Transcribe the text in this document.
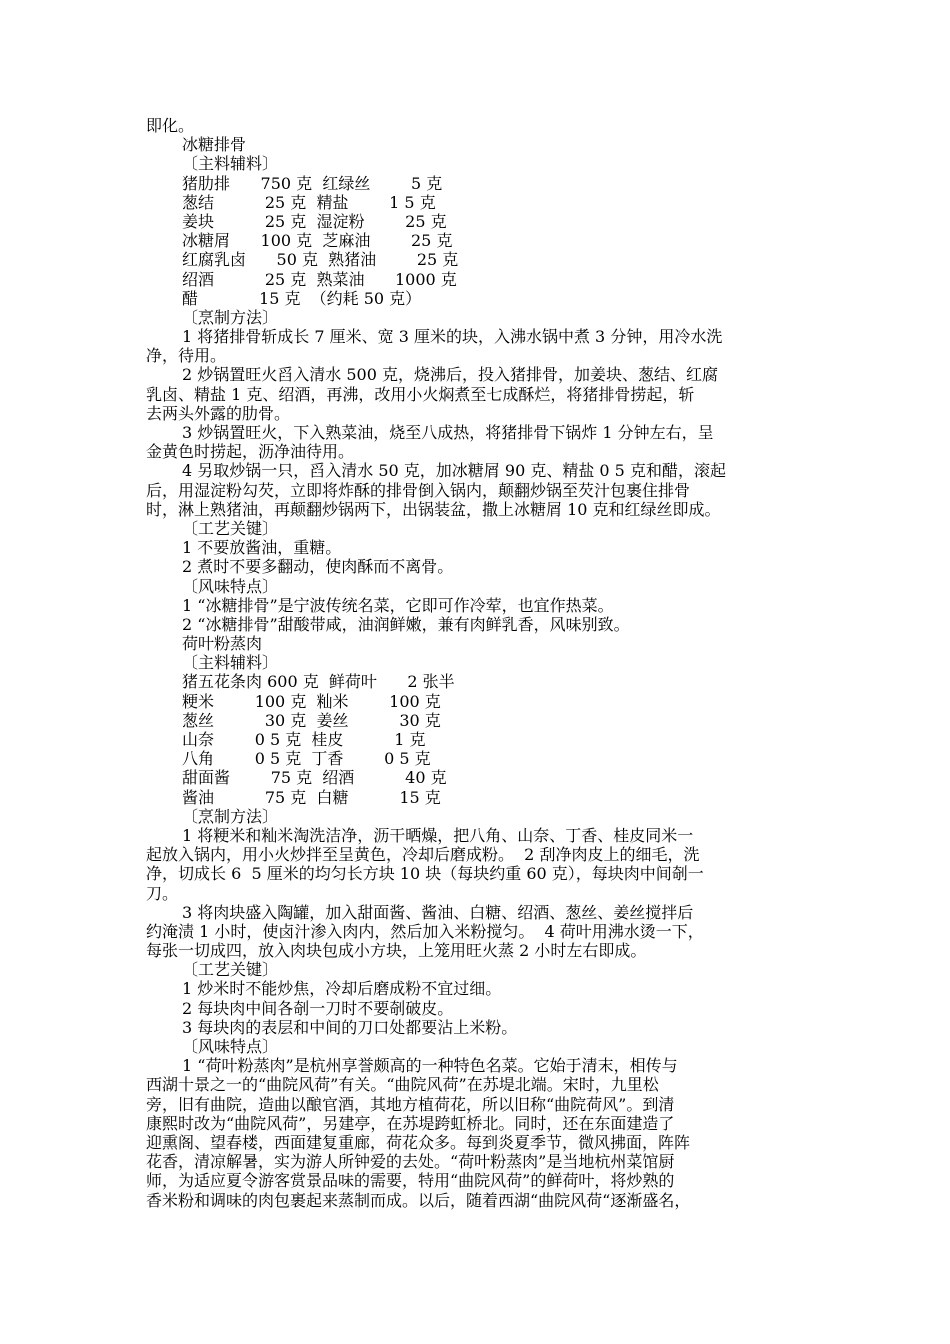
即化。
冰糖排骨
〔主料辅料〕
猪肋排      750 克  红绿丝        5 克
葱结          25 克  精盐        1 5 克
姜块          25 克  湿淀粉        25 克
冰糖屑      100 克  芝麻油        25 克
红腐乳卤      50 克  熟猪油        25 克
绍酒          25 克  熟菜油      1000 克
醋            15 克  （约耗 50 克）
〔烹制方法〕
1 将猪排骨斩成长 7 厘米、宽 3 厘米的块，入沸水锅中煮 3 分钟，用冷水洗
净，待用。
2 炒锅置旺火舀入清水 500 克，烧沸后，投入猪排骨，加姜块、葱结、红腐
乳卤、精盐 1 克、绍酒，再沸，改用小火焖煮至七成酥烂，将猪排骨捞起，斩
去两头外露的肋骨。
3 炒锅置旺火，下入熟菜油，烧至八成热，将猪排骨下锅炸 1 分钟左右，呈
金黄色时捞起，沥净油待用。
4 另取炒锅一只，舀入清水 50 克，加冰糖屑 90 克、精盐 0 5 克和醋，滚起
后，用湿淀粉勾芡，立即将炸酥的排骨倒入锅内，颠翻炒锅至芡汁包裹住排骨
时，淋上熟猪油，再颠翻炒锅两下，出锅装盆，撒上冰糖屑 10 克和红绿丝即成。
〔工艺关键〕
1 不要放酱油，重糖。
2 煮时不要多翻动，使肉酥而不离骨。
〔风味特点〕
1 “冰糖排骨”是宁波传统名菜，它即可作冷荤，也宜作热菜。
2 “冰糖排骨”甜酸带咸，油润鲜嫩，兼有肉鲜乳香，风味别致。
荷叶粉蒸肉
〔主料辅料〕
猪五花条肉 600 克  鲜荷叶      2 张半
粳米        100 克  籼米        100 克
葱丝          30 克  姜丝          30 克
山奈        0 5 克  桂皮          1 克
八角        0 5 克  丁香        0 5 克
甜面酱        75 克  绍酒          40 克
酱油          75 克  白糖          15 克
〔烹制方法〕
1 将粳米和籼米淘洗洁净，沥干晒燥，把八角、山奈、丁香、桂皮同米一
起放入锅内，用小火炒拌至呈黄色，冷却后磨成粉。  2 刮净肉皮上的细毛，洗
净，切成长 6  5 厘米的均匀长方块 10 块（每块约重 60 克），每块肉中间剞一
刀。
3 将肉块盛入陶罐，加入甜面酱、酱油、白糖、绍酒、葱丝、姜丝搅拌后
约淹渍 1 小时，使卤汁渗入肉内，然后加入米粉搅匀。  4 荷叶用沸水烫一下，
每张一切成四，放入肉块包成小方块，上笼用旺火蒸 2 小时左右即成。
〔工艺关键〕
1 炒米时不能炒焦，冷却后磨成粉不宜过细。
2 每块肉中间各剞一刀时不要剞破皮。
3 每块肉的表层和中间的刀口处都要沾上米粉。
〔风味特点〕
1 “荷叶粉蒸肉”是杭州享誉颇高的一种特色名菜。它始于清末，相传与
西湖十景之一的“曲院风荷”有关。“曲院风荷”在苏堤北端。宋时，九里松
旁，旧有曲院，造曲以酿官酒，其地方植荷花，所以旧称“曲院荷风”。到清
康熙时改为“曲院风荷”，另建亭，在苏堤跨虹桥北。同时，还在东面建造了
迎熏阁、望春楼，西面建复重廊，荷花众多。每到炎夏季节，微风拂面，阵阵
花香，清凉解暑，实为游人所钟爱的去处。“荷叶粉蒸肉”是当地杭州菜馆厨
师，为适应夏令游客赏景品味的需要，特用“曲院风荷”的鲜荷叶，将炒熟的
香米粉和调味的肉包裹起来蒸制而成。以后，随着西湖“曲院风荷“逐渐盛名，
